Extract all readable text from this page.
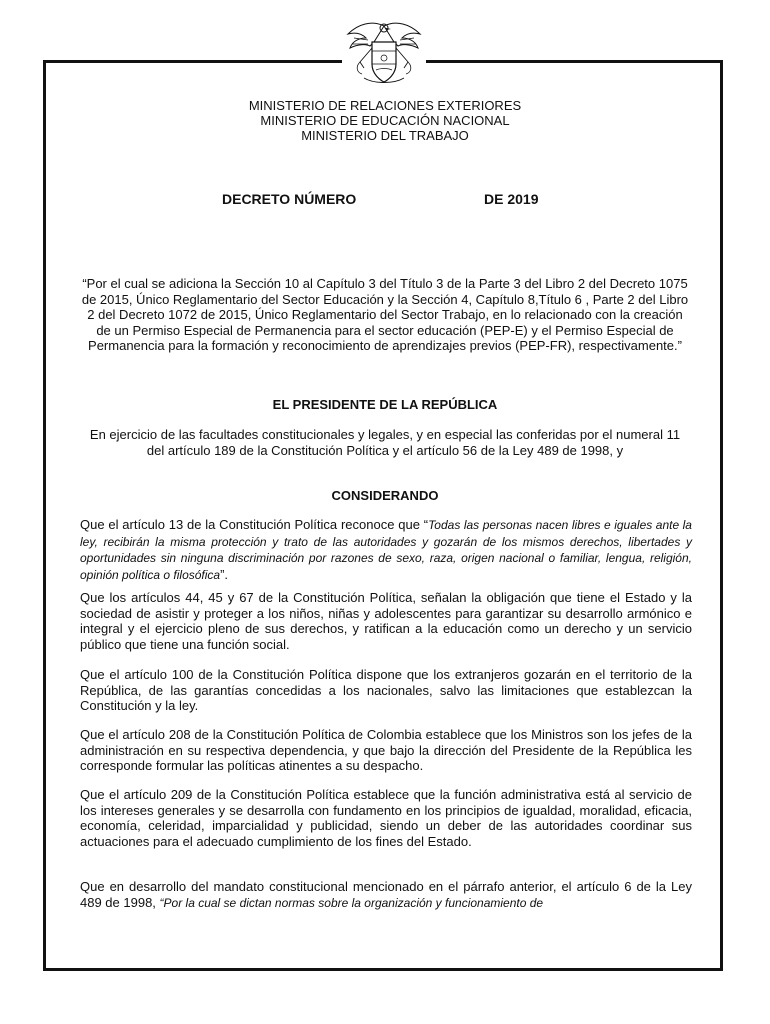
MINISTERIO DE RELACIONES EXTERIORES
MINISTERIO DE EDUCACIÓN NACIONAL
MINISTERIO DEL TRABAJO
DECRETO NÚMERO	DE 2019
“Por el cual se adiciona la Sección 10 al Capítulo 3 del Título 3 de la Parte 3 del Libro 2 del Decreto 1075 de 2015, Único Reglamentario del Sector Educación y la Sección 4, Capítulo 8,Título 6 , Parte 2 del Libro 2 del Decreto 1072 de 2015, Único Reglamentario del Sector Trabajo, en lo relacionado con la creación de un Permiso Especial de Permanencia para el sector educación (PEP-E) y el Permiso Especial de Permanencia para la formación y reconocimiento de aprendizajes previos (PEP-FR), respectivamente.”
EL PRESIDENTE DE LA REPÚBLICA
En ejercicio de las facultades constitucionales y legales, y en especial las conferidas por el numeral 11 del artículo 189 de la Constitución Política y el artículo 56 de la Ley 489 de 1998, y
CONSIDERANDO
Que el artículo 13 de la Constitución Política reconoce que “Todas las personas nacen libres e iguales ante la ley, recibirán la misma protección y trato de las autoridades y gozarán de los mismos derechos, libertades y oportunidades sin ninguna discriminación por razones de sexo, raza, origen nacional o familiar, lengua, religión, opinión política o filosófica”.
Que los artículos 44, 45 y 67 de la Constitución Política, señalan la obligación que tiene el Estado y la sociedad de asistir y proteger a los niños, niñas y adolescentes para garantizar su desarrollo armónico e integral y el ejercicio pleno de sus derechos, y ratifican a la educación como un derecho y un servicio público que tiene una función social.
Que el artículo 100 de la Constitución Política dispone que los extranjeros gozarán en el territorio de la República, de las garantías concedidas a los nacionales, salvo las limitaciones que establezcan la Constitución y la ley.
Que el artículo 208 de la Constitución Política de Colombia establece que los Ministros son los jefes de la administración en su respectiva dependencia, y que bajo la dirección del Presidente de la República les corresponde formular las políticas atinentes a su despacho.
Que el artículo 209 de la Constitución Política establece que la función administrativa está al servicio de los intereses generales y se desarrolla con fundamento en los principios de igualdad, moralidad, eficacia, economía, celeridad, imparcialidad y publicidad, siendo un deber de las autoridades coordinar sus actuaciones para el adecuado cumplimiento de los fines del Estado.
Que en desarrollo del mandato constitucional mencionado en el párrafo anterior, el artículo 6 de la Ley 489 de 1998, “Por la cual se dictan normas sobre la organización y funcionamiento de
